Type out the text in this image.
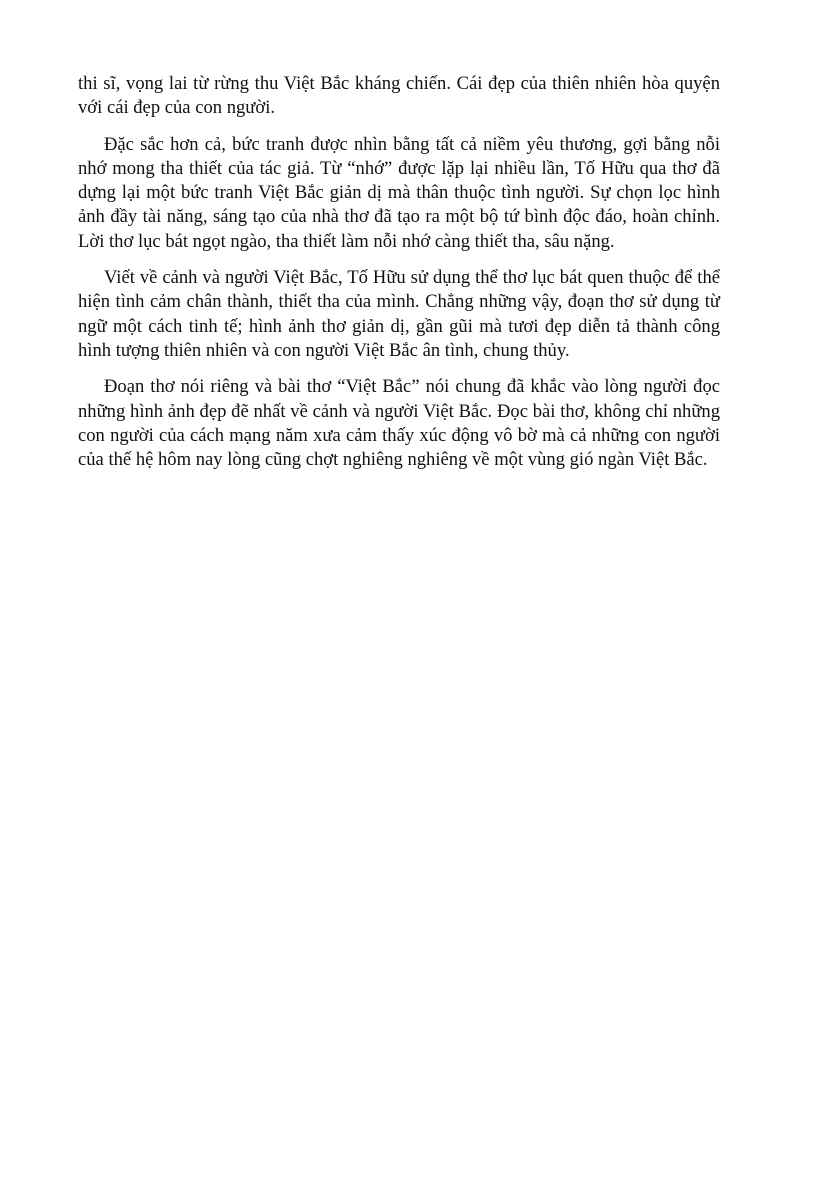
thi sĩ, vọng lai từ rừng thu Việt Bắc kháng chiến. Cái đẹp của thiên nhiên hòa quyện với cái đẹp của con người.

Đặc sắc hơn cả, bức tranh được nhìn bằng tất cả niềm yêu thương, gợi bằng nỗi nhớ mong tha thiết của tác giả. Từ “nhớ” được lặp lại nhiều lần, Tố Hữu qua thơ đã dựng lại một bức tranh Việt Bắc giản dị mà thân thuộc tình người. Sự chọn lọc hình ảnh đầy tài năng, sáng tạo của nhà thơ đã tạo ra một bộ tứ bình độc đáo, hoàn chỉnh. Lời thơ lục bát ngọt ngào, tha thiết làm nỗi nhớ càng thiết tha, sâu nặng.

Viết về cảnh và người Việt Bắc, Tố Hữu sử dụng thể thơ lục bát quen thuộc để thể hiện tình cảm chân thành, thiết tha của mình. Chẳng những vậy, đoạn thơ sử dụng từ ngữ một cách tinh tế; hình ảnh thơ giản dị, gần gũi mà tươi đẹp diễn tả thành công hình tượng thiên nhiên và con người Việt Bắc ân tình, chung thủy.

Đoạn thơ nói riêng và bài thơ “Việt Bắc” nói chung đã khắc vào lòng người đọc những hình ảnh đẹp đẽ nhất về cảnh và người Việt Bắc. Đọc bài thơ, không chỉ những con người của cách mạng năm xưa cảm thấy xúc động vô bờ mà cả những con người của thế hệ hôm nay lòng cũng chợt nghiêng nghiêng về một vùng gió ngàn Việt Bắc.
